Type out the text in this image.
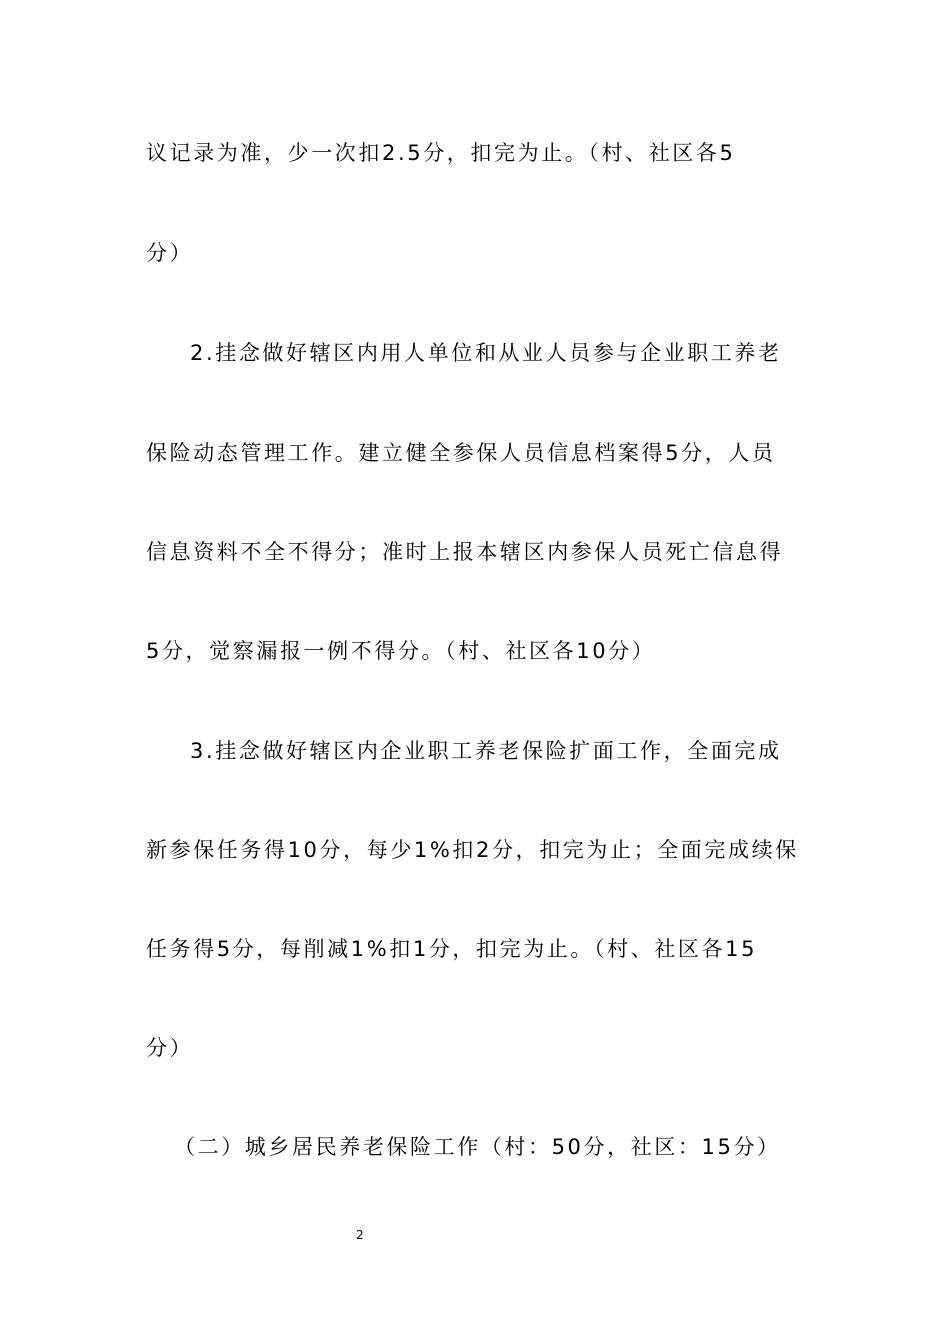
议记录为准，少一次扣2.5分，扣完为止。（村、社区各5
分）
2.挂念做好辖区内用人单位和从业人员参与企业职工养老
保险动态管理工作。建立健全参保人员信息档案得5分，人员
信息资料不全不得分；准时上报本辖区内参保人员死亡信息得
5分，觉察漏报一例不得分。（村、社区各10分）
3.挂念做好辖区内企业职工养老保险扩面工作，全面完成
新参保任务得10分，每少1%扣2分，扣完为止；全面完成续保
任务得5分，每削减1%扣1分，扣完为止。（村、社区各15
分）
（二）城乡居民养老保险工作（村：50分，社区：15分）
2
